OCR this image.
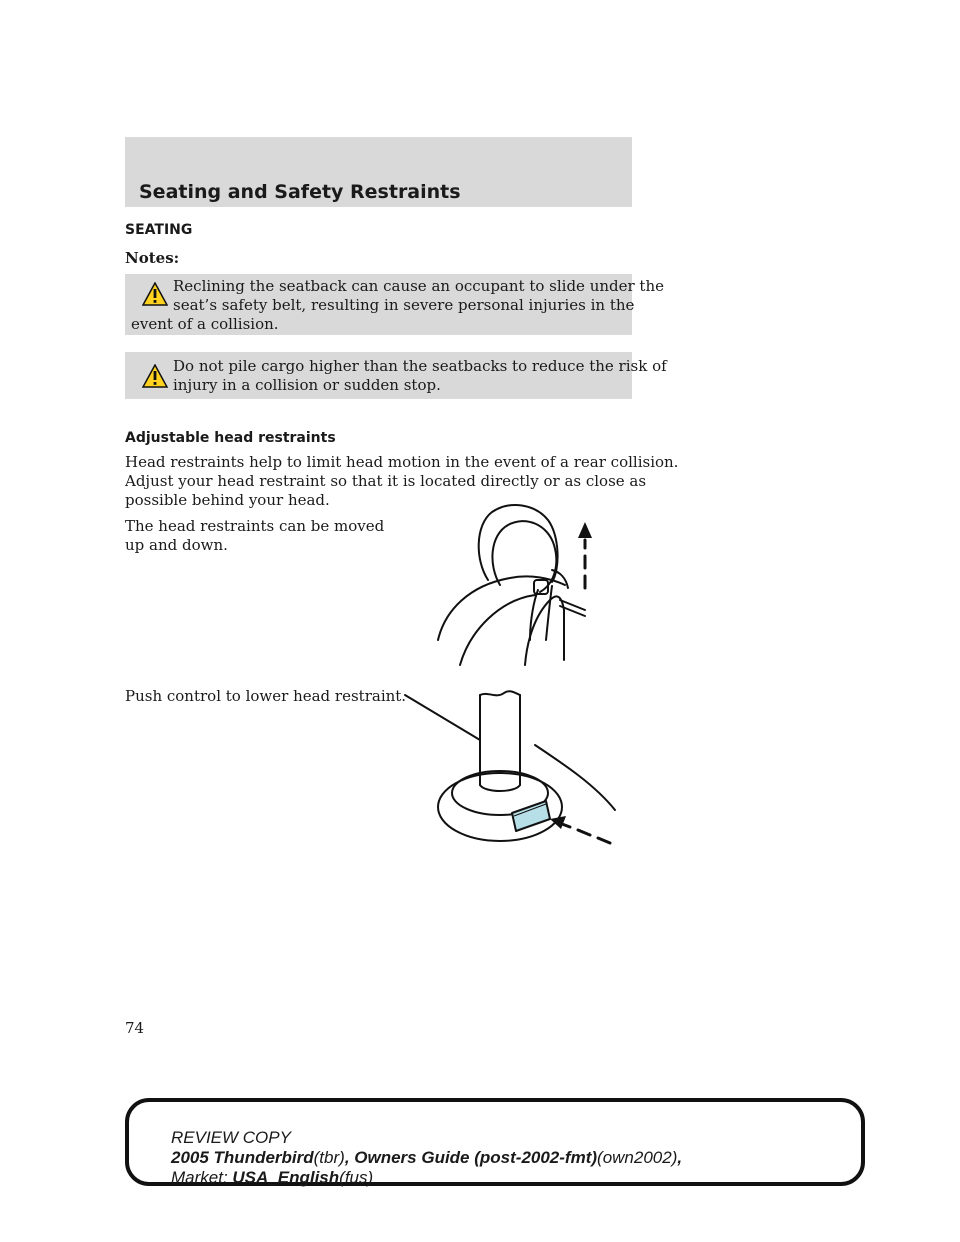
Seating and Safety Restraints
SEATING
Notes:
Reclining the seatback can cause an occupant to slide under the
seat’s safety belt, resulting in severe personal injuries in the
event of a collision.
Do not pile cargo higher than the seatbacks to reduce the risk of
injury in a collision or sudden stop.
Adjustable head restraints
Head restraints help to limit head motion in the event of a rear collision.
Adjust your head restraint so that it is located directly or as close as
possible behind your head.
The head restraints can be moved
up and down.
Push control to lower head restraint.
74
REVIEW COPY
2005 Thunderbird(tbr), Owners Guide (post-2002-fmt)(own2002),
Market: USA_English(fus)
